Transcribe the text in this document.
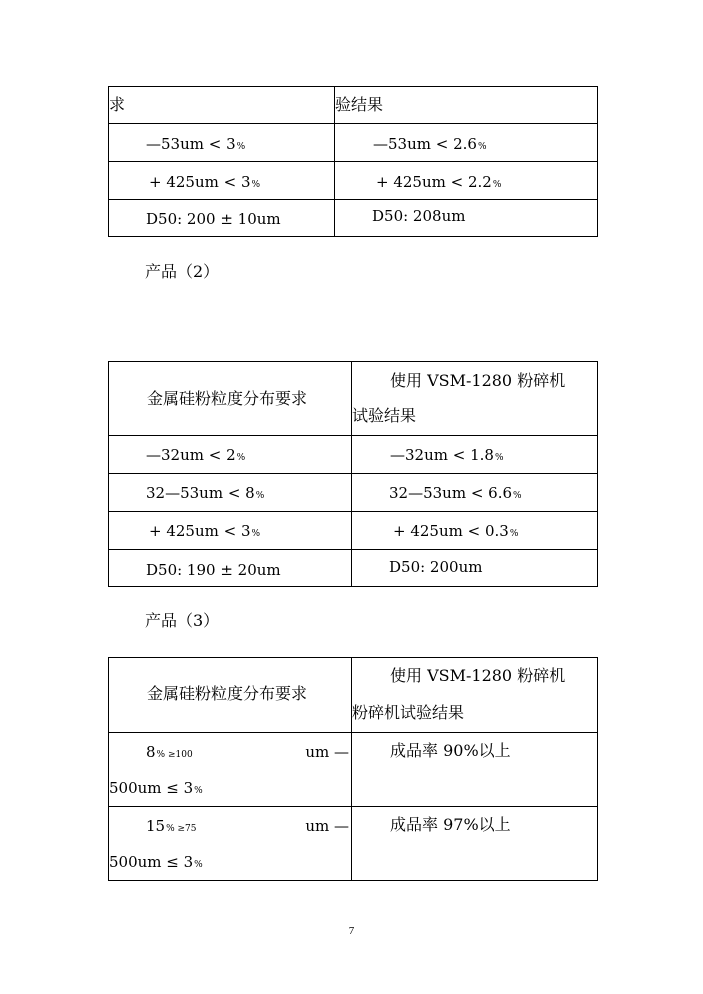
求	验结果

—53um < 3%	—53um < 2.6%

+ 425um < 3%	+ 425um < 2.2%

D50: 200 ± 10um	D50: 208um
产品（2）
金属硅粉粒度分布要求	使用 VSM-1280 粉碎机
试验结果

—32um < 2%	—32um < 1.8%

32—53um < 8%	32—53um < 6.6%

+ 425um < 3%	+ 425um < 0.3%

D50: 190 ± 20um	D50: 200um
产品（3）
金属硅粉粒度分布要求	使用 VSM-1280 粉碎机
粉碎机试验结果

8% ≥100 um —
500um ≤ 3%	成品率 90%以上

15% ≥75 um —
500um ≤ 3%	成品率 97%以上
7
